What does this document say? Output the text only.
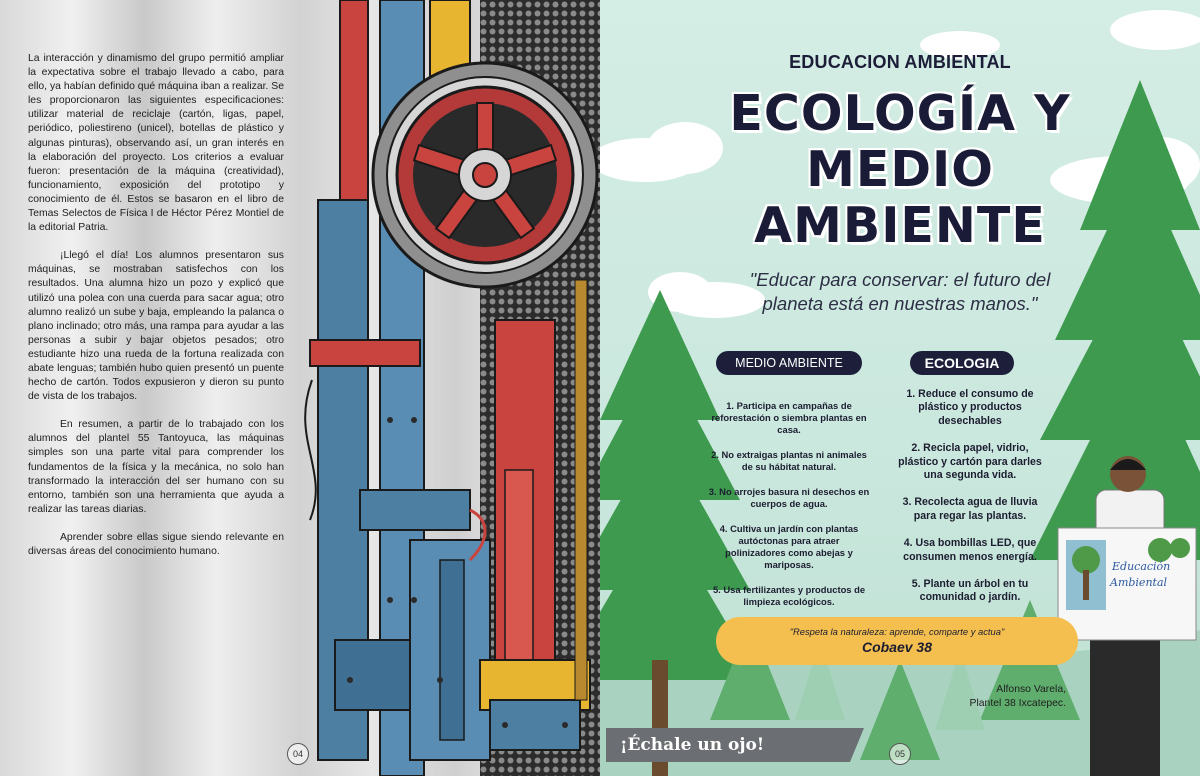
La interacción y dinamismo del grupo permitió ampliar la expectativa sobre el trabajo llevado a cabo, para ello, ya habían definido qué máquina iban a realizar. Se les proporcionaron las siguientes especificaciones: utilizar material de reciclaje (cartón, ligas, papel, periódico, poliestireno (unicel), botellas de plástico y algunas pinturas), observando así, un gran interés en la elaboración del proyecto. Los criterios a evaluar fueron: presentación de la máquina (creatividad), funcionamiento, exposición del prototipo y conocimiento de él. Estos se basaron en el libro de Temas Selectos de Física I de Héctor Pérez Montiel de la editorial Patria.

¡Llegó el día! Los alumnos presentaron sus máquinas, se mostraban satisfechos con los resultados. Una alumna hizo un pozo y explicó que utilizó una polea con una cuerda para sacar agua; otro alumno realizó un sube y baja, empleando la palanca o plano inclinado; otro más, una rampa para ayudar a las personas a subir y bajar objetos pesados; otro estudiante hizo una rueda de la fortuna realizada con abate lenguas; también hubo quien presentó un puente hecho de cartón. Todos expusieron y dieron su punto de vista de los trabajos.

En resumen, a partir de lo trabajado con los alumnos del plantel 55 Tantoyuca, las máquinas simples son una parte vital para comprender los fundamentos de la física y la mecánica, no solo han transformado la interacción del ser humano con su entorno, también son una herramienta que ayuda a realizar las tareas diarias.

Aprender sobre ellas sigue siendo relevante en diversas áreas del conocimiento humano.

04
Educación
Ambiental
EDUCACION AMBIENTAL
ECOLOGÍA Y
MEDIO
AMBIENTE

"Educar para conservar: el futuro del
planeta está en nuestras manos."

MEDIO AMBIENTE	ECOLOGIA
1. Participa en campañas de reforestación o siembra plantas en casa.
2. No extraigas plantas ni animales de su hábitat natural.
3. No arrojes basura ni desechos en cuerpos de agua.
4. Cultiva un jardín con plantas autóctonas para atraer polinizadores como abejas y mariposas.
5. Usa fertilizantes y productos de limpieza ecológicos.
1. Reduce el consumo de plástico y productos desechables
2. Recicla papel, vidrio, plástico y cartón para darles una segunda vida.
3. Recolecta agua de lluvia para regar las plantas.
4. Usa bombillas LED, que consumen menos energía.
5. Plante un árbol en tu comunidad o jardín.
"Respeta la naturaleza: aprende, comparte y actua"
Cobaev 38
Alfonso Varela,
Plantel 38 Ixcatepec.
¡Échale un ojo!	05
